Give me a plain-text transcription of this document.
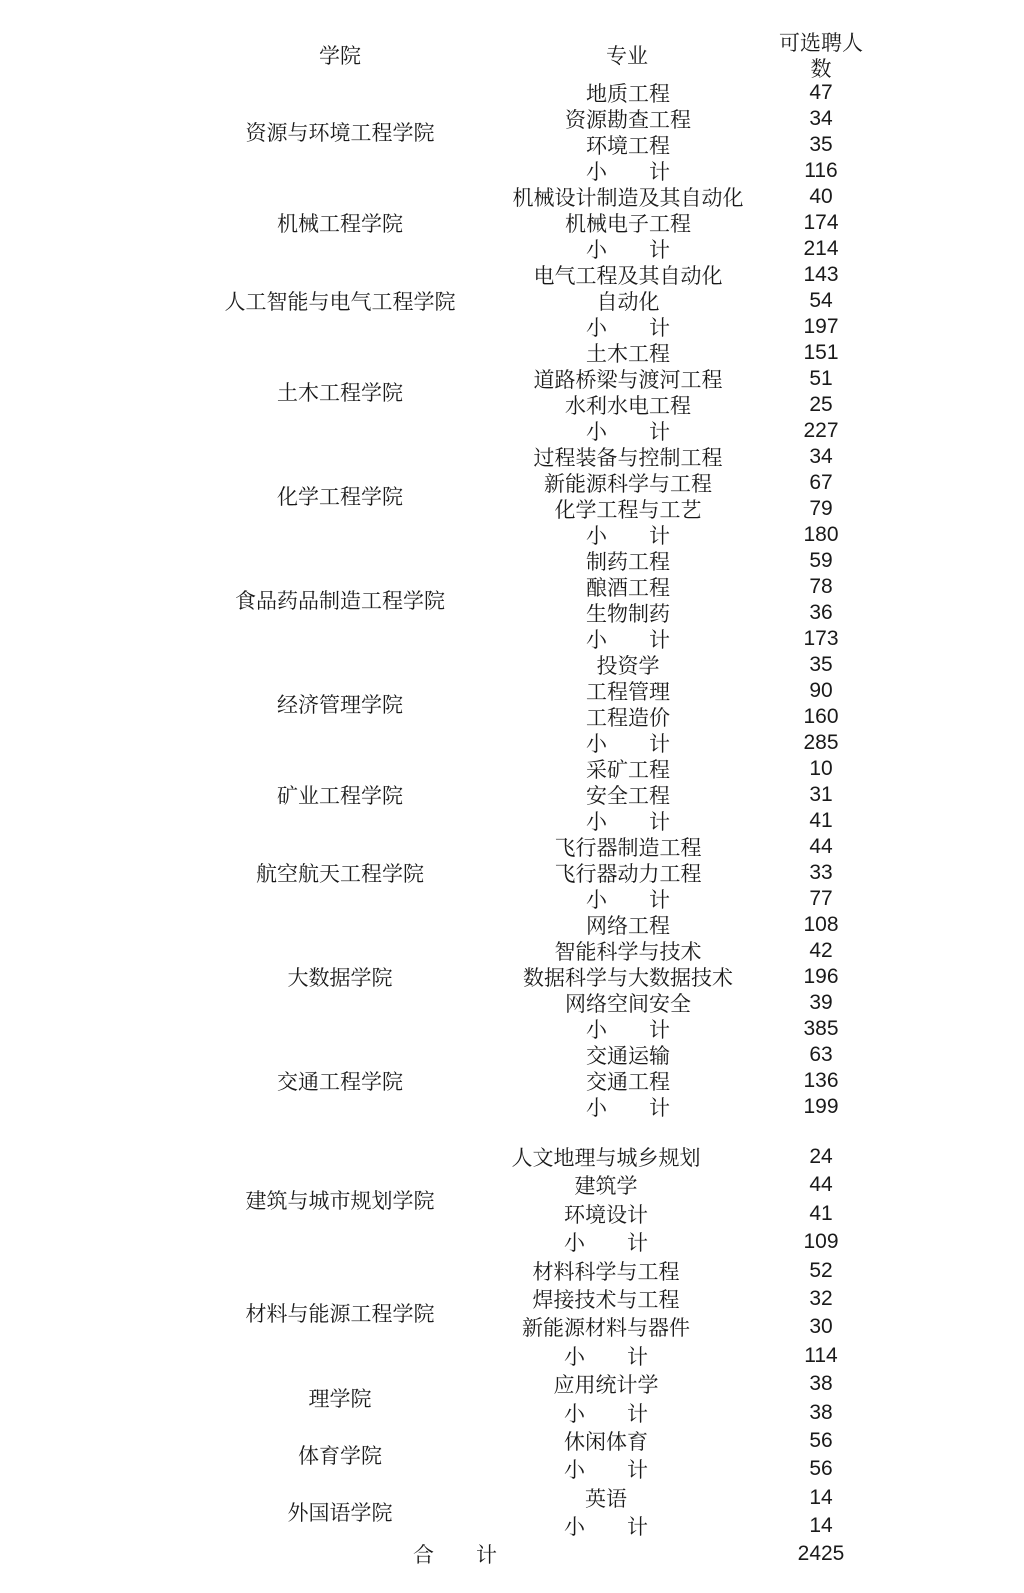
学院	专业
可选聘人
数
资源与环境工程学院
地质工程	47
资源勘查工程	34
环境工程	35
小　　计	116
机械工程学院
机械设计制造及其自动化	40
机械电子工程	174
小　　计	214
人工智能与电气工程学院
电气工程及其自动化	143
自动化	54
小　　计	197
土木工程学院
土木工程	151
道路桥梁与渡河工程	51
水利水电工程	25
小　　计	227
化学工程学院
过程装备与控制工程	34
新能源科学与工程	67
化学工程与工艺	79
小　　计	180
食品药品制造工程学院
制药工程	59
酿酒工程	78
生物制药	36
小　　计	173
经济管理学院
投资学	35
工程管理	90
工程造价	160
小　　计	285
矿业工程学院
采矿工程	10
安全工程	31
小　　计	41
航空航天工程学院
飞行器制造工程	44
飞行器动力工程	33
小　　计	77
大数据学院
网络工程	108
智能科学与技术	42
数据科学与大数据技术	196
网络空间安全	39
小　　计	385
交通工程学院
交通运输	63
交通工程	136
小　　计	199
建筑与城市规划学院
人文地理与城乡规划	24
建筑学	44
环境设计	41
小　　计	109
材料与能源工程学院
材料科学与工程	52
焊接技术与工程	32
新能源材料与器件	30
小　　计	114
理学院
应用统计学	38
小　　计	38
体育学院
休闲体育	56
小　　计	56
外国语学院
英语	14
小　　计	14
合　　计	2425
